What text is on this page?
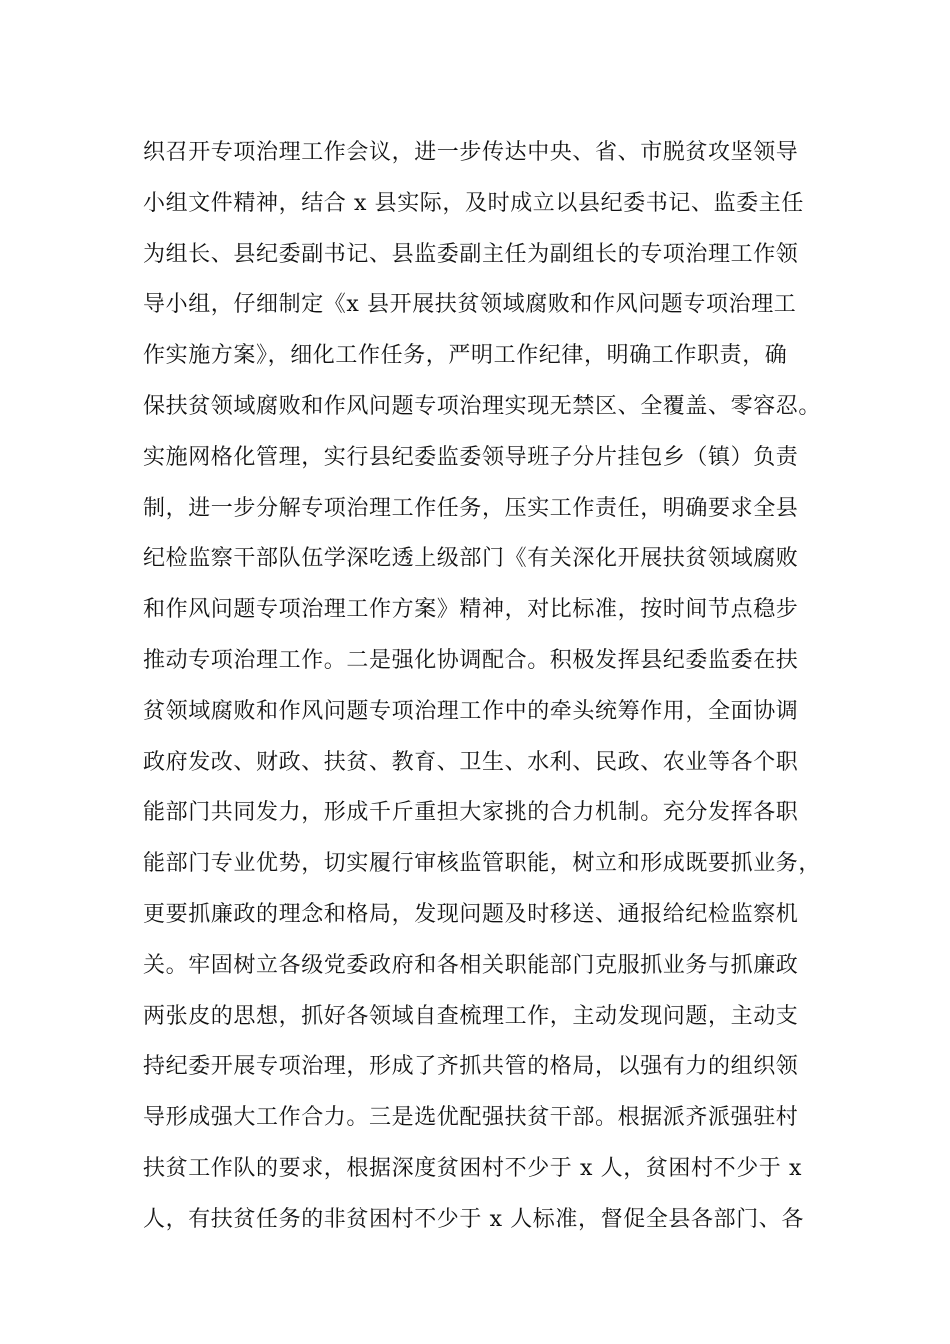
织召开专项治理工作会议，进一步传达中央、省、市脱贫攻坚领导
小组文件精神，结合 x 县实际，及时成立以县纪委书记、监委主任
为组长、县纪委副书记、县监委副主任为副组长的专项治理工作领
导小组，仔细制定《x 县开展扶贫领域腐败和作风问题专项治理工
作实施方案》，细化工作任务，严明工作纪律，明确工作职责，确
保扶贫领域腐败和作风问题专项治理实现无禁区、全覆盖、零容忍。
实施网格化管理，实行县纪委监委领导班子分片挂包乡（镇）负责
制，进一步分解专项治理工作任务，压实工作责任，明确要求全县
纪检监察干部队伍学深吃透上级部门《有关深化开展扶贫领域腐败
和作风问题专项治理工作方案》精神，对比标准，按时间节点稳步
推动专项治理工作。二是强化协调配合。积极发挥县纪委监委在扶
贫领域腐败和作风问题专项治理工作中的牵头统筹作用，全面协调
政府发改、财政、扶贫、教育、卫生、水利、民政、农业等各个职
能部门共同发力，形成千斤重担大家挑的合力机制。充分发挥各职
能部门专业优势，切实履行审核监管职能，树立和形成既要抓业务，
更要抓廉政的理念和格局，发现问题及时移送、通报给纪检监察机
关。牢固树立各级党委政府和各相关职能部门克服抓业务与抓廉政
两张皮的思想，抓好各领域自查梳理工作，主动发现问题，主动支
持纪委开展专项治理，形成了齐抓共管的格局，以强有力的组织领
导形成强大工作合力。三是选优配强扶贫干部。根据派齐派强驻村
扶贫工作队的要求，根据深度贫困村不少于 x 人，贫困村不少于 x
人，有扶贫任务的非贫困村不少于 x 人标准，督促全县各部门、各
